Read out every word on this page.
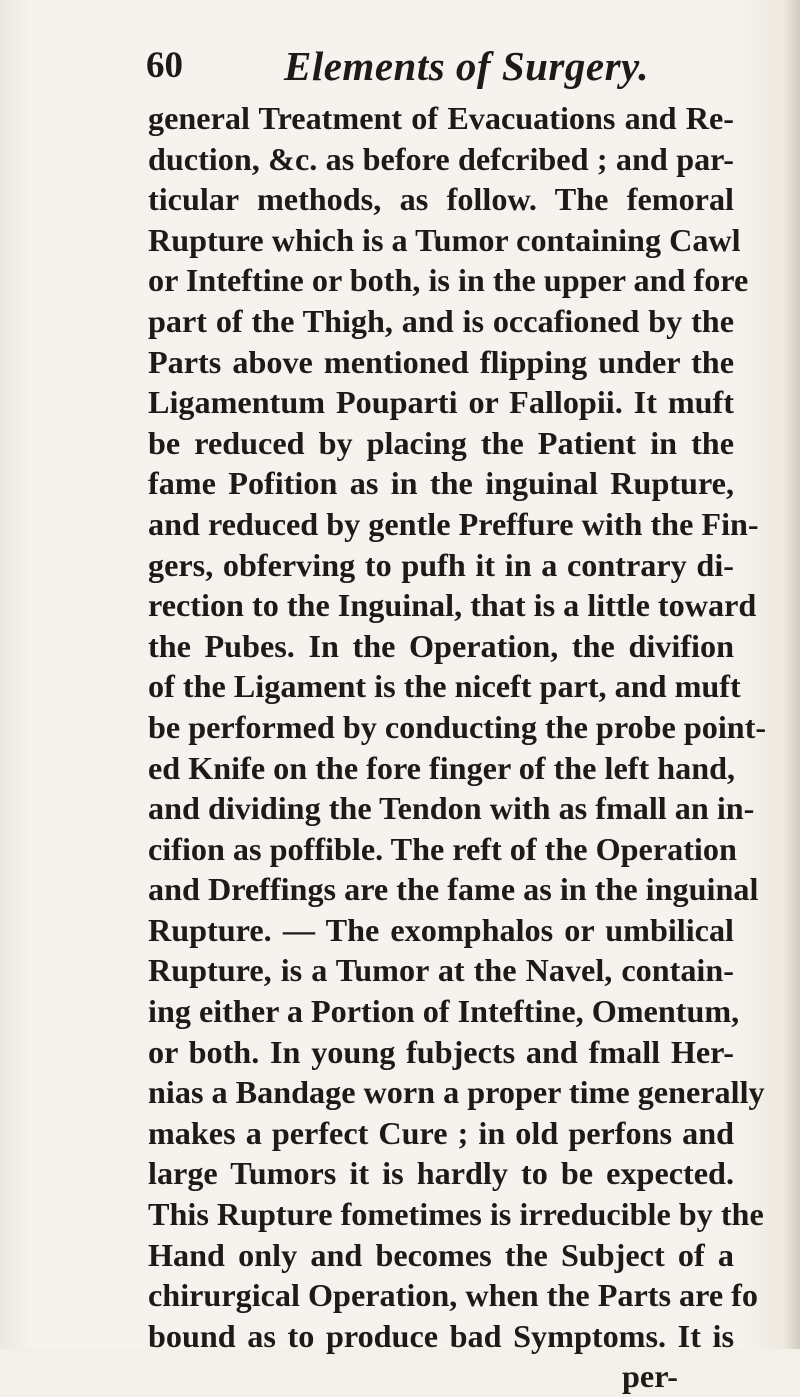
60 Elements of Surgery.
general Treatment of Evacuations and Re-
duction, &c. as before defcribed ; and par-
ticular methods, as follow. The femoral
Rupture which is a Tumor containing Cawl
or Inteftine or both, is in the upper and fore
part of the Thigh, and is occafioned by the
Parts above mentioned flipping under the
Ligamentum Pouparti or Fallopii. It muft
be reduced by placing the Patient in the
fame Pofition as in the inguinal Rupture,
and reduced by gentle Preffure with the Fin-
gers, obferving to pufh it in a contrary di-
rection to the Inguinal, that is a little toward
the Pubes. In the Operation, the divifion
of the Ligament is the niceft part, and muft
be performed by conducting the probe point-
ed Knife on the fore finger of the left hand,
and dividing the Tendon with as fmall an in-
cifion as poffible. The reft of the Operation
and Dreffings are the fame as in the inguinal
Rupture. — The exomphalos or umbilical
Rupture, is a Tumor at the Navel, contain-
ing either a Portion of Inteftine, Omentum,
or both. In young fubjects and fmall Her-
nias a Bandage worn a proper time generally
makes a perfect Cure ; in old perfons and
large Tumors it is hardly to be expected.
This Rupture fometimes is irreducible by the
Hand only and becomes the Subject of a
chirurgical Operation, when the Parts are fo
bound as to produce bad Symptoms. It is
per-
